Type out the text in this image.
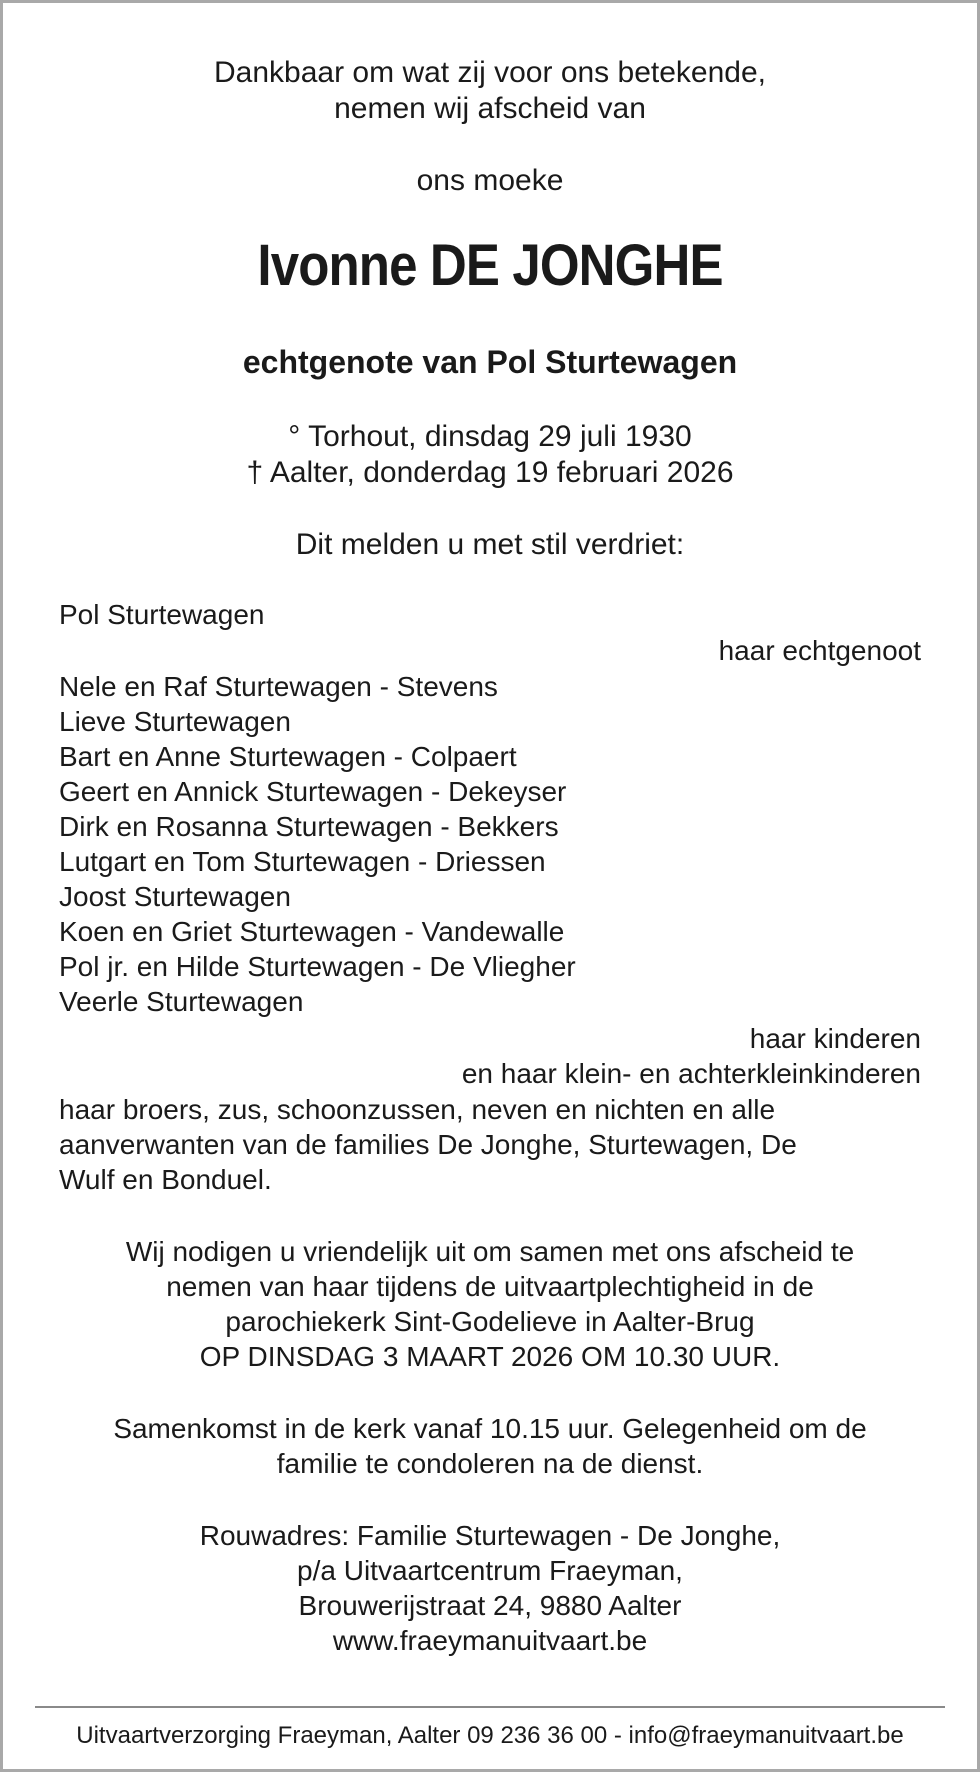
Dankbaar om wat zij voor ons betekende,
nemen wij afscheid van
ons moeke
Ivonne DE JONGHE
echtgenote van Pol Sturtewagen
° Torhout, dinsdag 29 juli 1930
† Aalter, donderdag 19 februari 2026
Dit melden u met stil verdriet:
Pol Sturtewagen
haar echtgenoot
Nele en Raf Sturtewagen - Stevens
Lieve Sturtewagen
Bart en Anne Sturtewagen - Colpaert
Geert en Annick Sturtewagen - Dekeyser
Dirk en Rosanna Sturtewagen - Bekkers
Lutgart en Tom Sturtewagen - Driessen
Joost Sturtewagen
Koen en Griet Sturtewagen - Vandewalle
Pol jr. en Hilde Sturtewagen - De Vliegher
Veerle Sturtewagen
haar kinderen
en haar klein- en achterkleinkinderen
haar broers, zus, schoonzussen, neven en nichten en alle
aanverwanten van de families De Jonghe, Sturtewagen, De
Wulf en Bonduel.
Wij nodigen u vriendelijk uit om samen met ons afscheid te
nemen van haar tijdens de uitvaartplechtigheid in de
parochiekerk Sint-Godelieve in Aalter-Brug
OP DINSDAG 3 MAART 2026 OM 10.30 UUR.
Samenkomst in de kerk vanaf 10.15 uur. Gelegenheid om de
familie te condoleren na de dienst.
Rouwadres: Familie Sturtewagen - De Jonghe,
p/a Uitvaartcentrum Fraeyman,
Brouwerijstraat 24, 9880 Aalter
www.fraeymanuitvaart.be
Uitvaartverzorging Fraeyman, Aalter 09 236 36 00 - info@fraeymanuitvaart.be
